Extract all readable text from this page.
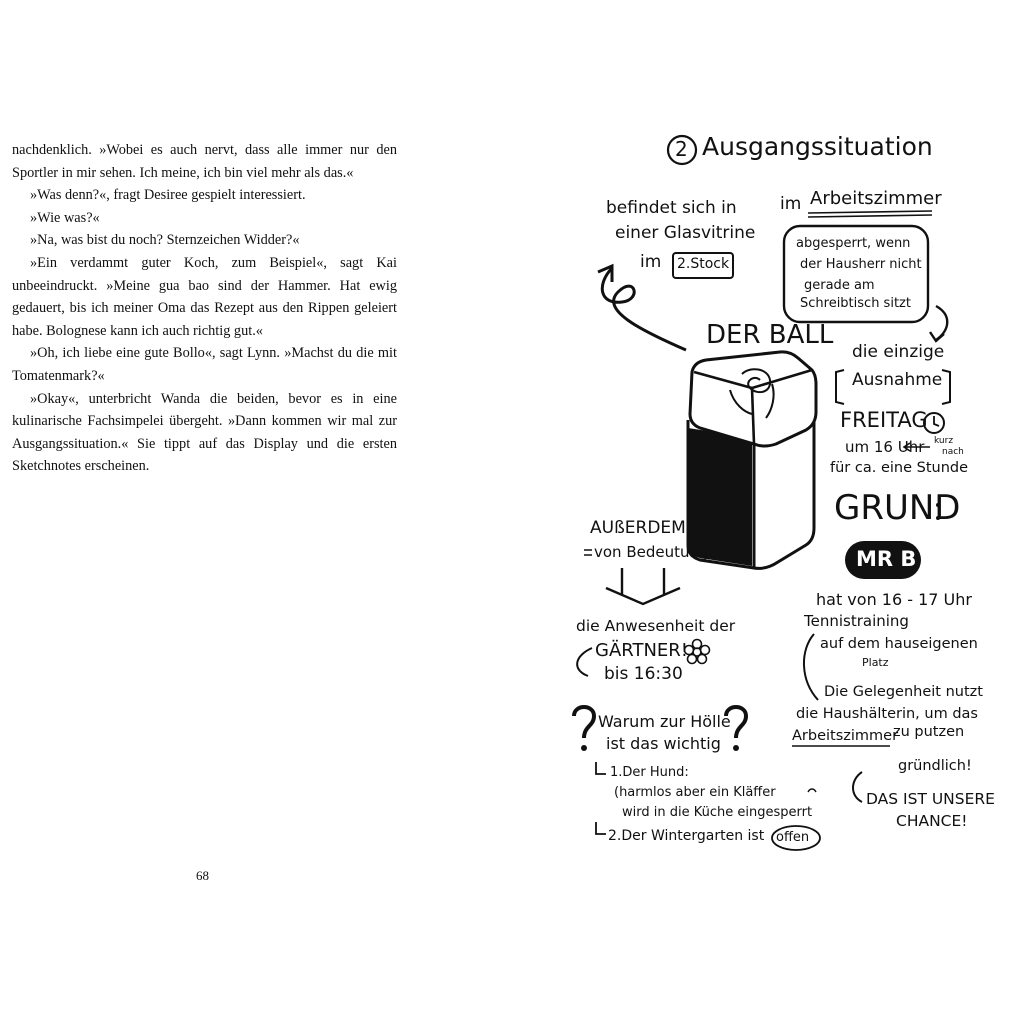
nachdenklich. »Wobei es auch nervt, dass alle immer nur den Sportler in mir sehen. Ich meine, ich bin viel mehr als das.«

»Was denn?«, fragt Desiree gespielt interessiert.

»Wie was?«

»Na, was bist du noch? Sternzeichen Widder?«

»Ein verdammt guter Koch, zum Beispiel«, sagt Kai unbeeindruckt. »Meine gua bao sind der Hammer. Hat ewig gedauert, bis ich meiner Oma das Rezept aus den Rippen geleiert habe. Bolognese kann ich auch richtig gut.«

»Oh, ich liebe eine gute Bollo«, sagt Lynn. »Machst du die mit Tomatenmark?«

»Okay«, unterbricht Wanda die beiden, bevor es in eine kulinarische Fachsimpelei übergeht. »Dann kommen wir mal zur Ausgangssituation.« Sie tippt auf das Display und die ersten Sketchnotes erscheinen.

68
2 Ausgangssituation
befindet sich in
einer Glasvitrine
im 2.Stock
im Arbeitszimmer
abgesperrt, wenn
der Hausherr nicht
gerade am
Schreibtisch sitzt
DER BALL
die einzige
Ausnahme
FREITAG
um 16 Uhr kurz
nach
für ca. eine Stunde
GRUND
MR B
AUßERDEM
von Bedeutung
die Anwesenheit der
GÄRTNER!
bis 16:30
hat von 16 - 17 Uhr
Tennistraining
auf dem hauseigenen
Platz
Die Gelegenheit nutzt
die Haushälterin, um das
Arbeitszimmer
zu putzen
gründlich!
Warum zur Hölle
ist das wichtig
1.Der Hund:
(harmlos aber ein Kläffer
wird in die Küche eingesperrt
2.Der Wintergarten ist offen
DAS IST UNSERE
CHANCE!
